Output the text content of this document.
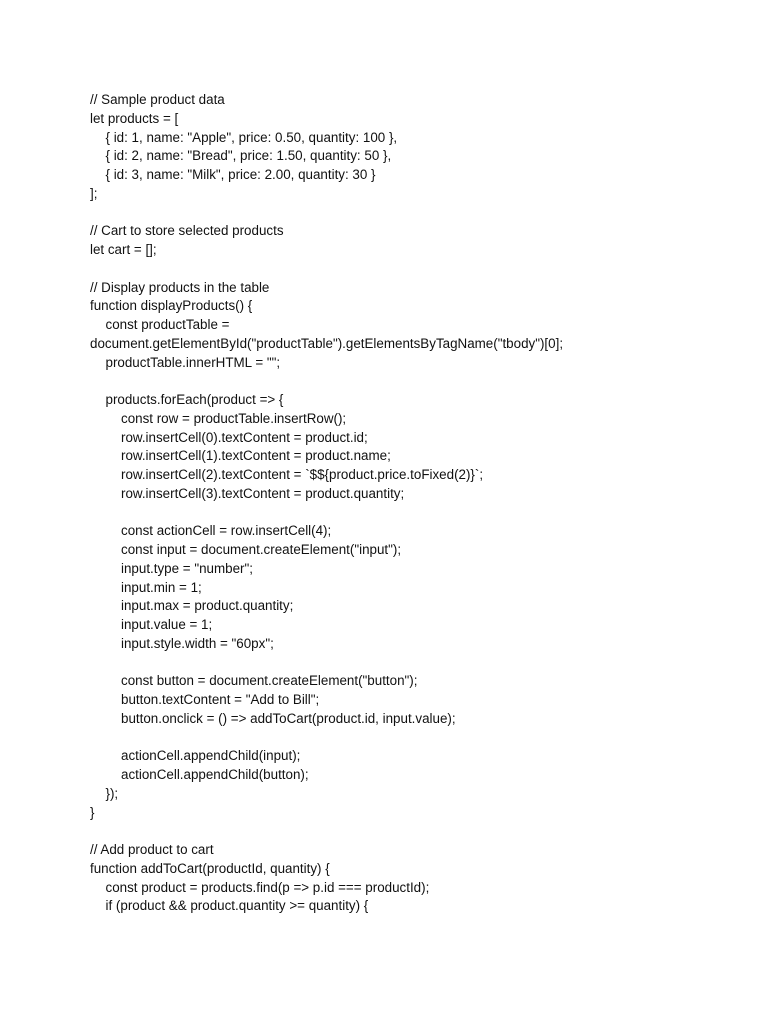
// Sample product data
let products = [
{ id: 1, name: "Apple", price: 0.50, quantity: 100 },
{ id: 2, name: "Bread", price: 1.50, quantity: 50 },
{ id: 3, name: "Milk", price: 2.00, quantity: 30 }
];
// Cart to store selected products
let cart = [];
// Display products in the table
function displayProducts() {
const productTable =
document.getElementById("productTable").getElementsByTagName("tbody")[0];
productTable.innerHTML = "";
products.forEach(product => {
const row = productTable.insertRow();
row.insertCell(0).textContent = product.id;
row.insertCell(1).textContent = product.name;
row.insertCell(2).textContent = `$${product.price.toFixed(2)}`;
row.insertCell(3).textContent = product.quantity;
const actionCell = row.insertCell(4);
const input = document.createElement("input");
input.type = "number";
input.min = 1;
input.max = product.quantity;
input.value = 1;
input.style.width = "60px";
const button = document.createElement("button");
button.textContent = "Add to Bill";
button.onclick = () => addToCart(product.id, input.value);
actionCell.appendChild(input);
actionCell.appendChild(button);
});
}
// Add product to cart
function addToCart(productId, quantity) {
const product = products.find(p => p.id === productId);
if (product && product.quantity >= quantity) {
